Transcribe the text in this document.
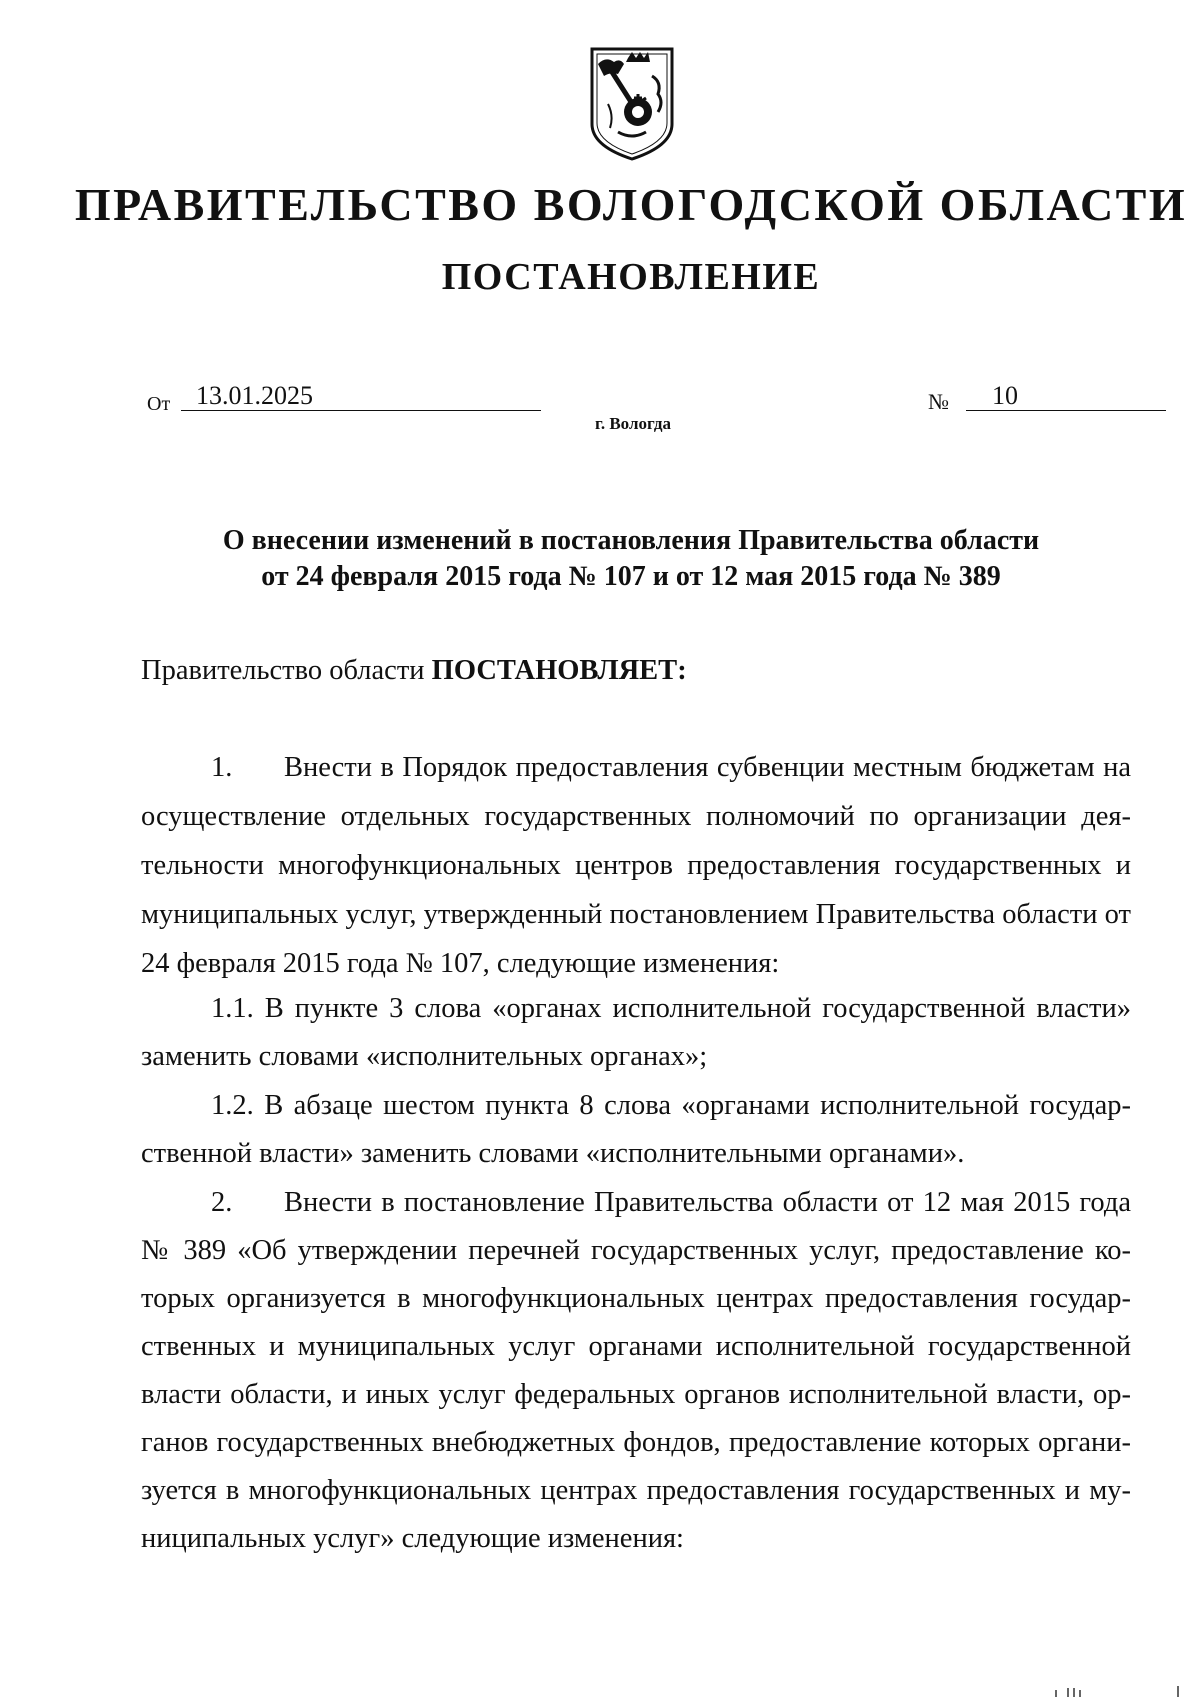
ПРАВИТЕЛЬСТВО ВОЛОГОДСКОЙ ОБЛАСТИ
ПОСТАНОВЛЕНИЕ
От 13.01.2025	№ 10
г. Вологда
О внесении изменений в постановления Правительства области
от 24 февраля 2015 года № 107 и от 12 мая 2015 года № 389
Правительство области ПОСТАНОВЛЯЕТ:
1. Внести в Порядок предоставления субвенции местным бюджетам на
осуществление отдельных государственных полномочий по организации дея-
тельности многофункциональных центров предоставления государственных и
муниципальных услуг, утвержденный постановлением Правительства области от
24 февраля 2015 года № 107, следующие изменения:
1.1. В пункте 3 слова «органах исполнительной государственной власти»
заменить словами «исполнительных органах»;
1.2. В абзаце шестом пункта 8 слова «органами исполнительной государ-
ственной власти» заменить словами «исполнительными органами».
2. Внести в постановление Правительства области от 12 мая 2015 года
№ 389 «Об утверждении перечней государственных услуг, предоставление ко-
торых организуется в многофункциональных центрах предоставления государ-
ственных и муниципальных услуг органами исполнительной государственной
власти области, и иных услуг федеральных органов исполнительной власти, ор-
ганов государственных внебюджетных фондов, предоставление которых органи-
зуется в многофункциональных центрах предоставления государственных и му-
ниципальных услуг» следующие изменения:
